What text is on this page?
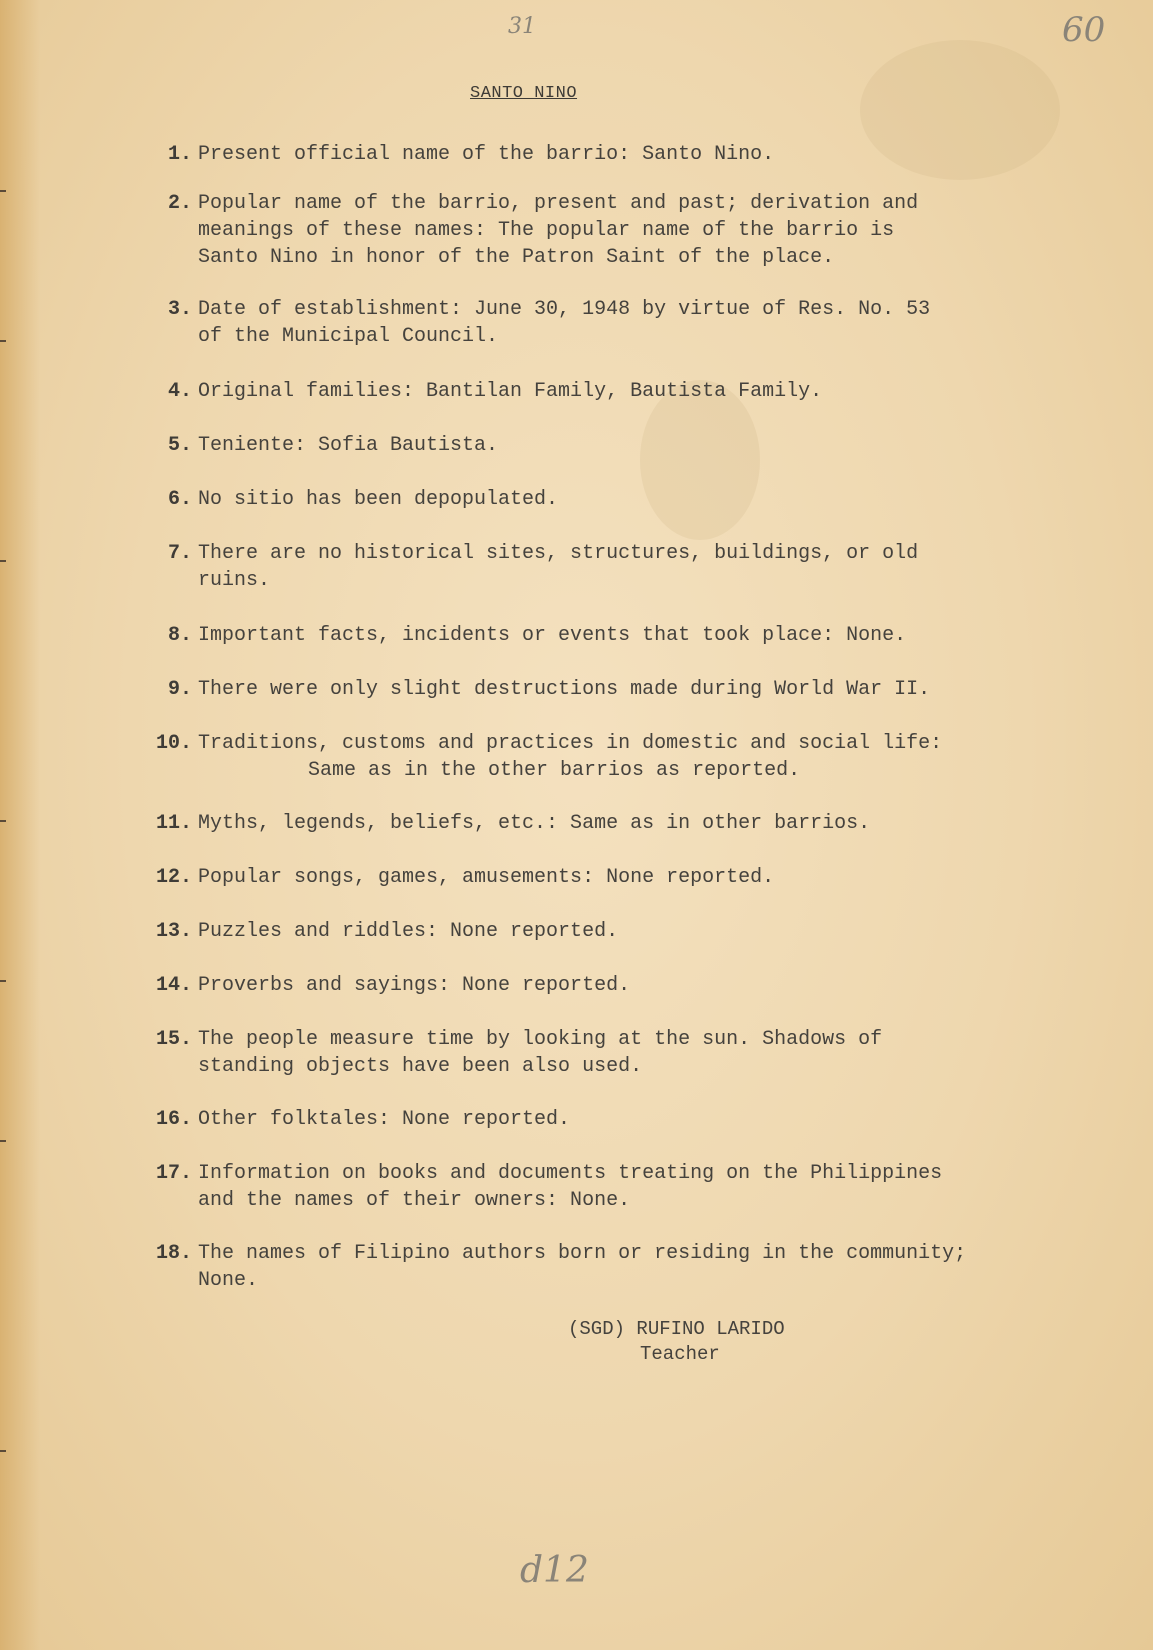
31	60
d12
SANTO NINO
1. Present official name of the barrio: Santo Nino.
2. Popular name of the barrio, present and past; derivation and
meanings of these names: The popular name of the barrio is
Santo Nino in honor of the Patron Saint of the place.
3. Date of establishment: June 30, 1948 by virtue of Res. No. 53
of the Municipal Council.
4. Original families: Bantilan Family, Bautista Family.
5. Teniente: Sofia Bautista.
6. No sitio has been depopulated.
7. There are no historical sites, structures, buildings, or old
ruins.
8. Important facts, incidents or events that took place: None.
9. There were only slight destructions made during World War II.
10. Traditions, customs and practices in domestic and social life:
Same as in the other barrios as reported.
11. Myths, legends, beliefs, etc.: Same as in other barrios.
12. Popular songs, games, amusements: None reported.
13. Puzzles and riddles: None reported.
14. Proverbs and sayings: None reported.
15. The people measure time by looking at the sun. Shadows of
standing objects have been also used.
16. Other folktales: None reported.
17. Information on books and documents treating on the Philippines
and the names of their owners: None.
18. The names of Filipino authors born or residing in the community;
None.
(SGD) RUFINO LARIDO
Teacher
